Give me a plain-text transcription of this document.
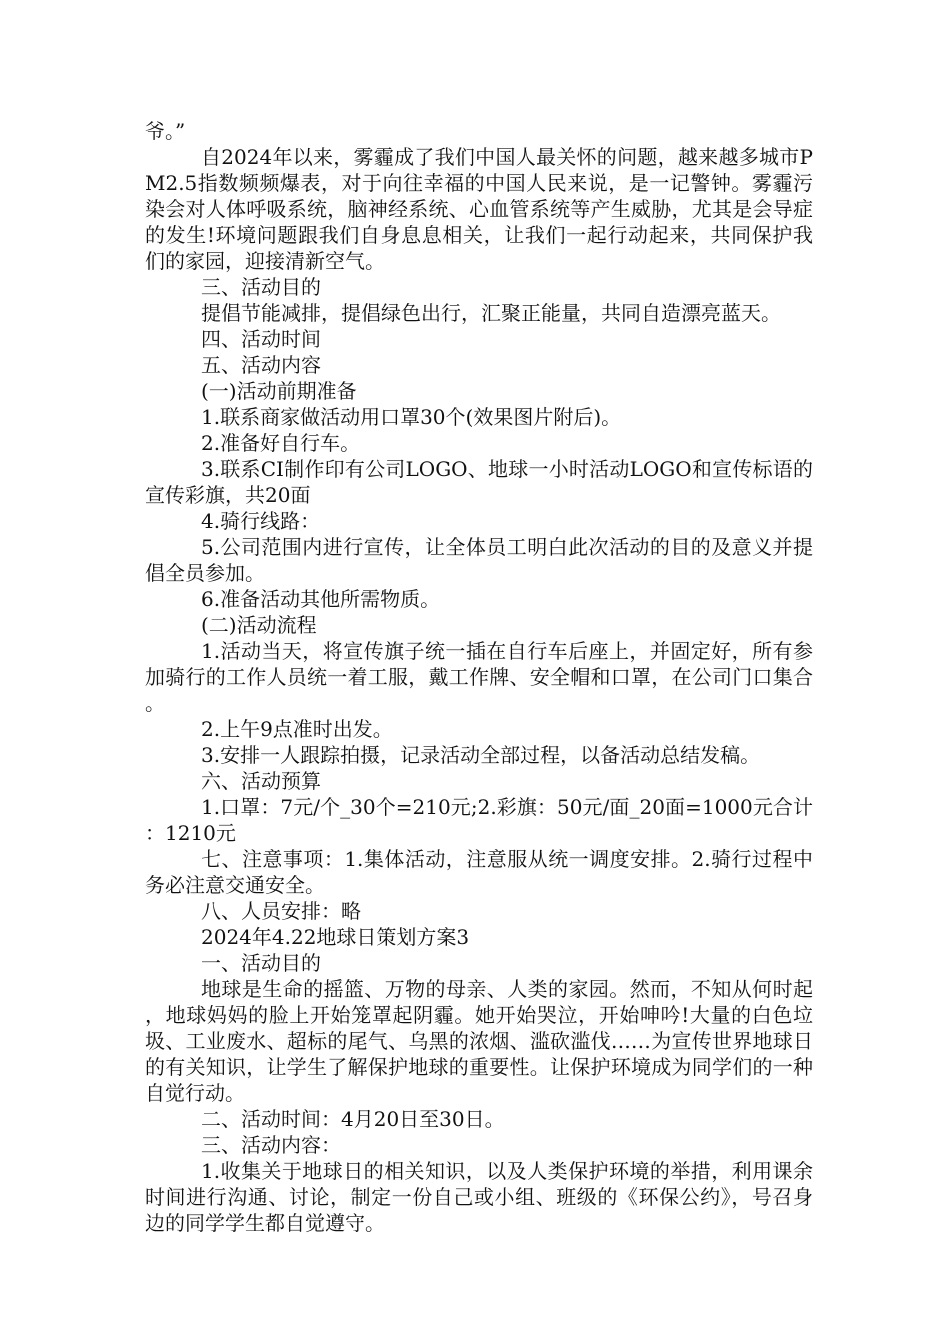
爷。”

自2024年以来，雾霾成了我们中国人最关怀的问题，越来越多城市PM2.5指数频频爆表，对于向往幸福的中国人民来说，是一记警钟。雾霾污染会对人体呼吸系统，脑神经系统、心血管系统等产生威胁，尤其是会导症的发生!环境问题跟我们自身息息相关，让我们一起行动起来，共同保护我们的家园，迎接清新空气。

三、活动目的

提倡节能减排，提倡绿色出行，汇聚正能量，共同自造漂亮蓝天。

四、活动时间

五、活动内容

(一)活动前期准备

1.联系商家做活动用口罩30个(效果图片附后)。

2.准备好自行车。

3.联系CI制作印有公司LOGO、地球一小时活动LOGO和宣传标语的宣传彩旗，共20面

4.骑行线路：

5.公司范围内进行宣传，让全体员工明白此次活动的目的及意义并提倡全员参加。

6.准备活动其他所需物质。

(二)活动流程

1.活动当天，将宣传旗子统一插在自行车后座上，并固定好，所有参加骑行的工作人员统一着工服，戴工作牌、安全帽和口罩，在公司门口集合。

2.上午9点准时出发。

3.安排一人跟踪拍摄，记录活动全部过程，以备活动总结发稿。

六、活动预算

1.口罩：7元/个_30个=210元;2.彩旗：50元/面_20面=1000元合计：1210元

七、注意事项：1.集体活动，注意服从统一调度安排。2.骑行过程中务必注意交通安全。

八、人员安排：略

2024年4.22地球日策划方案3

一、活动目的

地球是生命的摇篮、万物的母亲、人类的家园。然而，不知从何时起，地球妈妈的脸上开始笼罩起阴霾。她开始哭泣，开始呻吟!大量的白色垃圾、工业废水、超标的尾气、乌黑的浓烟、滥砍滥伐……为宣传世界地球日的有关知识，让学生了解保护地球的重要性。让保护环境成为同学们的一种自觉行动。

二、活动时间：4月20日至30日。

三、活动内容：

1.收集关于地球日的相关知识，以及人类保护环境的举措，利用课余时间进行沟通、讨论，制定一份自己或小组、班级的《环保公约》，号召身边的同学学生都自觉遵守。
